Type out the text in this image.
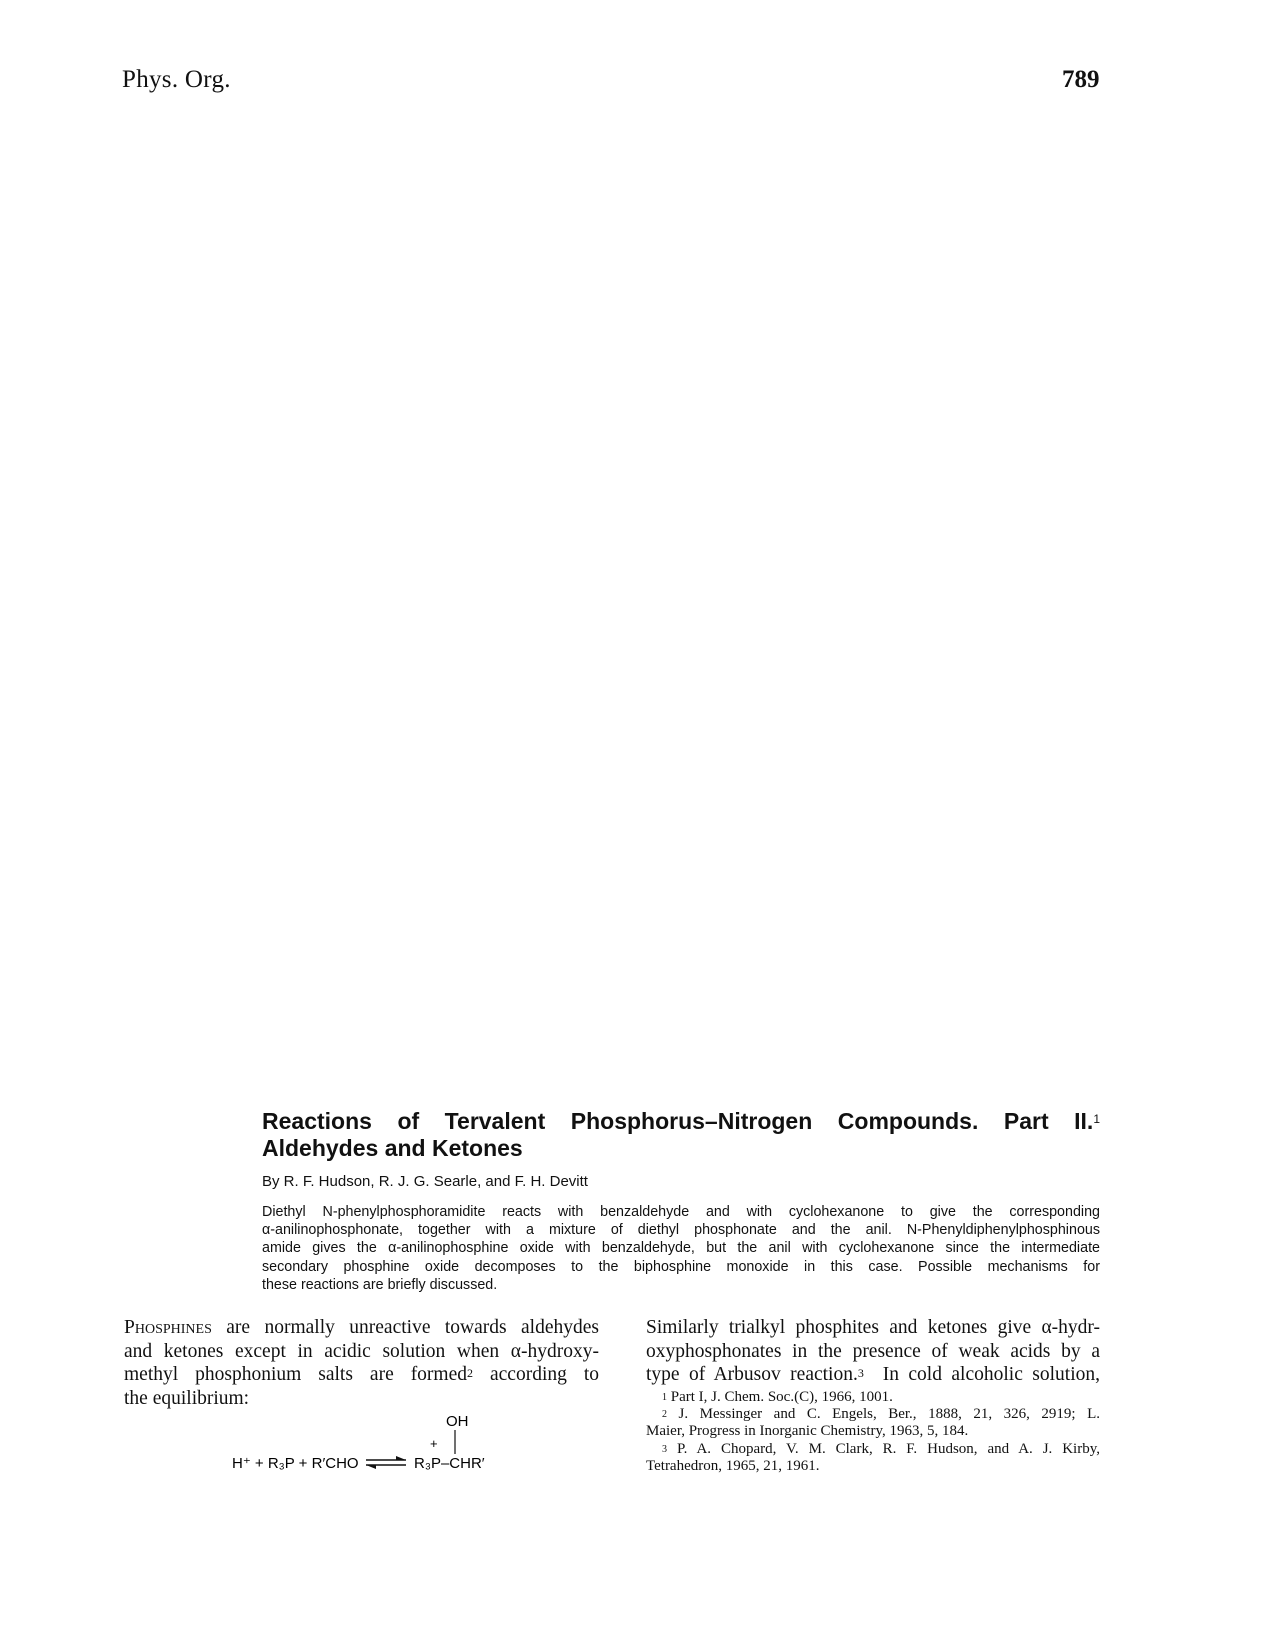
Phys. Org.	789
Reactions of Tervalent Phosphorus–Nitrogen Compounds. Part II.$^1$
Aldehydes and Ketones
By R. F. Hudson, R. J. G. Searle, and F. H. Devitt
Diethyl N-phenylphosphoramidite reacts with benzaldehyde and with cyclohexanone to give the corresponding
α-anilinophosphonate, together with a mixture of diethyl phosphonate and the anil. N-Phenyldiphenylphosphinous
amide gives the α-anilinophosphine oxide with benzaldehyde, but the anil with cyclohexanone since the intermediate
secondary phosphine oxide decomposes to the biphosphine monoxide in this case. Possible mechanisms for
these reactions are briefly discussed.
Phosphines are normally unreactive towards aldehydes
and ketones except in acidic solution when α-hydroxy-
methyl phosphonium salts are formed$^2$ according to
the equilibrium:
H⁺ + R₃P + R′CHO	R₃P–CHR′
OH
+
Similarly trialkyl phosphites and ketones give α-hydr-
oxyphosphonates in the presence of weak acids by a
type of Arbusov reaction.$^3$ In cold alcoholic solution,
$^1$ Part I, J. Chem. Soc.(C), 1966, 1001.
$^2$ J. Messinger and C. Engels, Ber., 1888, 21, 326, 2919; L.
Maier, Progress in Inorganic Chemistry, 1963, 5, 184.
$^3$ P. A. Chopard, V. M. Clark, R. F. Hudson, and A. J. Kirby,
Tetrahedron, 1965, 21, 1961.
